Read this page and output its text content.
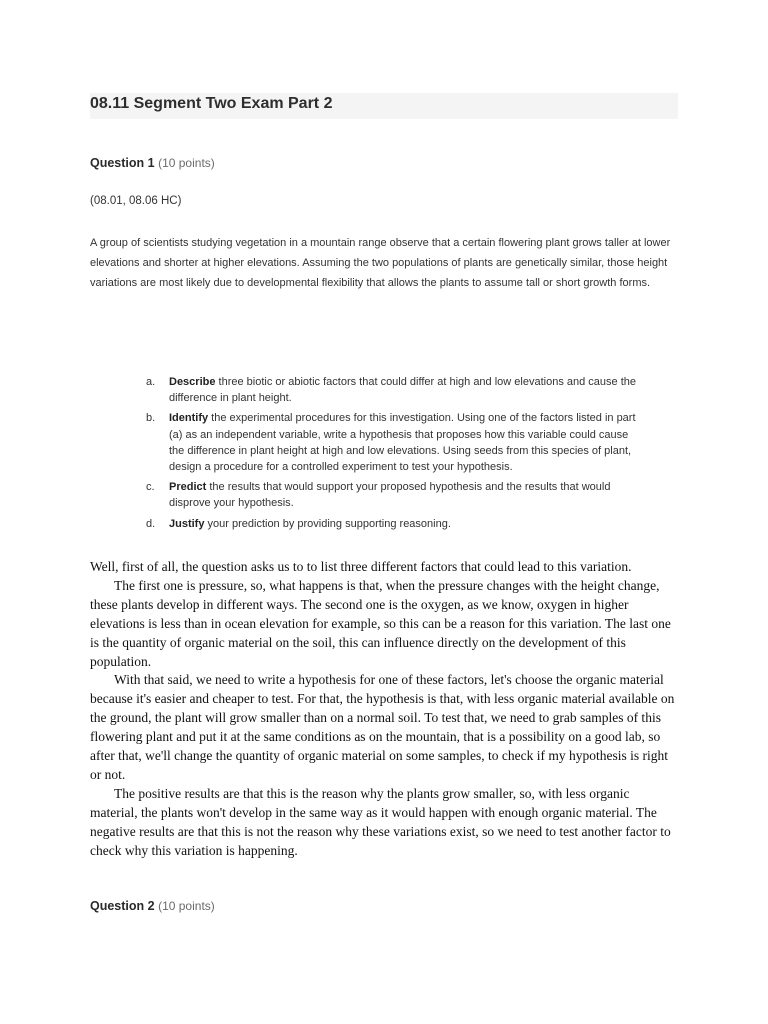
08.11 Segment Two Exam Part 2
Question 1 (10 points)
(08.01, 08.06 HC)
A group of scientists studying vegetation in a mountain range observe that a certain flowering plant grows taller at lower elevations and shorter at higher elevations. Assuming the two populations of plants are genetically similar, those height variations are most likely due to developmental flexibility that allows the plants to assume tall or short growth forms.
a.	Describe three biotic or abiotic factors that could differ at high and low elevations and cause the difference in plant height.
b.	Identify the experimental procedures for this investigation. Using one of the factors listed in part (a) as an independent variable, write a hypothesis that proposes how this variable could cause the difference in plant height at high and low elevations. Using seeds from this species of plant, design a procedure for a controlled experiment to test your hypothesis.
c.	Predict the results that would support your proposed hypothesis and the results that would disprove your hypothesis.
d.	Justify your prediction by providing supporting reasoning.

Well, first of all, the question asks us to to list three different factors that could lead to this variation.

The first one is pressure, so, what happens is that, when the pressure changes with the height change, these plants develop in different ways. The second one is the oxygen, as we know, oxygen in higher elevations is less than in ocean elevation for example, so this can be a reason for this variation. The last one is the quantity of organic material on the soil, this can influence directly on the development of this population.

With that said, we need to write a hypothesis for one of these factors, let's choose the organic material because it's easier and cheaper to test. For that, the hypothesis is that, with less organic material available on the ground, the plant will grow smaller than on a normal soil. To test that, we need to grab samples of this flowering plant and put it at the same conditions as on the mountain, that is a possibility on a good lab, so after that, we'll change the quantity of organic material on some samples, to check if my hypothesis is right or not.

The positive results are that this is the reason why the plants grow smaller, so, with less organic material, the plants won't develop in the same way as it would happen with enough organic material. The negative results are that this is not the reason why these variations exist, so we need to test another factor to check why this variation is happening.

Question 2 (10 points)
